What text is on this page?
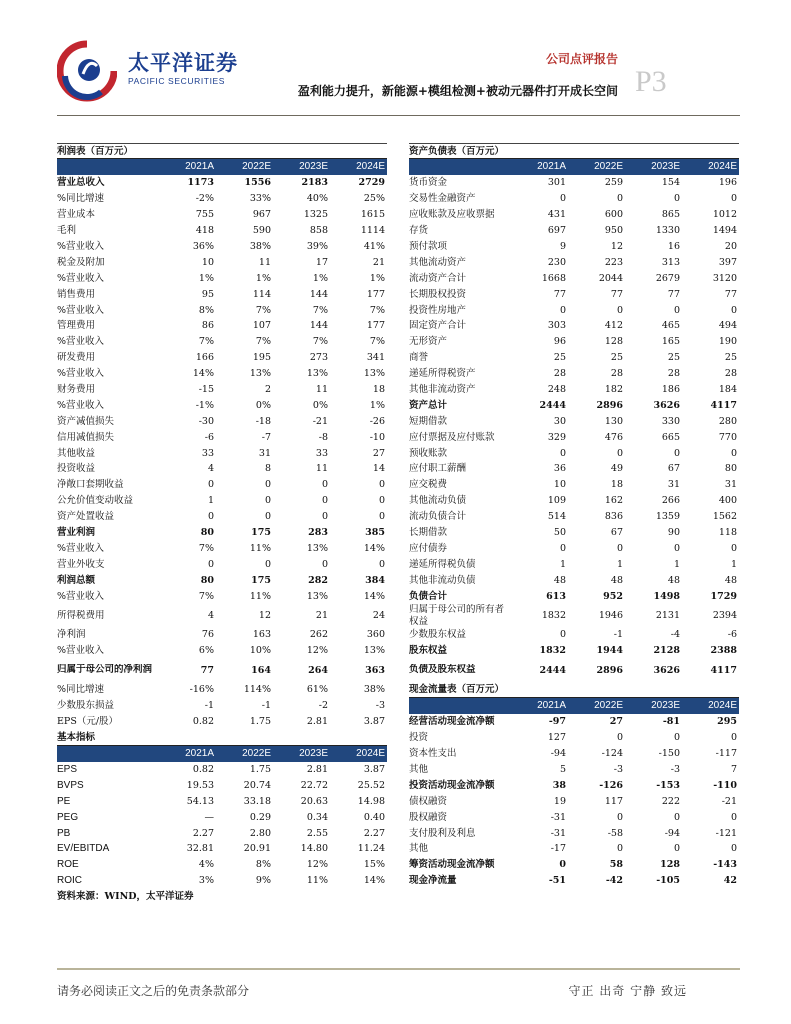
太平洋证券
PACIFIC SECURITIES
公司点评报告
P3
盈利能力提升，新能源+模组检测+被动元器件打开成长空间
利润表（百万元）
2021A	2022E	2023E	2024E
营业总收入	1173	1556	2183	2729
%同比增速	-2%	33%	40%	25%
营业成本	755	967	1325	1615
毛利	418	590	858	1114
%营业收入	36%	38%	39%	41%
税金及附加	10	11	17	21
%营业收入	1%	1%	1%	1%
销售费用	95	114	144	177
%营业收入	8%	7%	7%	7%
管理费用	86	107	144	177
%营业收入	7%	7%	7%	7%
研发费用	166	195	273	341
%营业收入	14%	13%	13%	13%
财务费用	-15	2	11	18
%营业收入	-1%	0%	0%	1%
资产减值损失	-30	-18	-21	-26
信用减值损失	-6	-7	-8	-10
其他收益	33	31	33	27
投资收益	4	8	11	14
净敞口套期收益	0	0	0	0
公允价值变动收益	1	0	0	0
资产处置收益	0	0	0	0
营业利润	80	175	283	385
%营业收入	7%	11%	13%	14%
营业外收支	0	0	0	0
利润总额	80	175	282	384
%营业收入	7%	11%	13%	14%
所得税费用	4	12	21	24
净利润	76	163	262	360
%营业收入	6%	10%	12%	13%
归属于母公司的净利润	77	164	264	363
%同比增速	-16%	114%	61%	38%
少数股东损益	-1	-1	-2	-3
EPS（元/股）	0.82	1.75	2.81	3.87
基本指标
2021A	2022E	2023E	2024E
EPS	0.82	1.75	2.81	3.87
BVPS	19.53	20.74	22.72	25.52
PE	54.13	33.18	20.63	14.98
PEG	—	0.29	0.34	0.40
PB	2.27	2.80	2.55	2.27
EV/EBITDA	32.81	20.91	14.80	11.24
ROE	4%	8%	12%	15%
ROIC	3%	9%	11%	14%
资料来源：WIND，太平洋证券
资产负债表（百万元）
2021A	2022E	2023E	2024E
货币资金	301	259	154	196
交易性金融资产	0	0	0	0
应收账款及应收票据	431	600	865	1012
存货	697	950	1330	1494
预付款项	9	12	16	20
其他流动资产	230	223	313	397
流动资产合计	1668	2044	2679	3120
长期股权投资	77	77	77	77
投资性房地产	0	0	0	0
固定资产合计	303	412	465	494
无形资产	96	128	165	190
商誉	25	25	25	25
递延所得税资产	28	28	28	28
其他非流动资产	248	182	186	184
资产总计	2444	2896	3626	4117
短期借款	30	130	330	280
应付票据及应付账款	329	476	665	770
预收账款	0	0	0	0
应付职工薪酬	36	49	67	80
应交税费	10	18	31	31
其他流动负债	109	162	266	400
流动负债合计	514	836	1359	1562
长期借款	50	67	90	118
应付债券	0	0	0	0
递延所得税负债	1	1	1	1
其他非流动负债	48	48	48	48
负债合计	613	952	1498	1729
归属于母公司的所有者权益	1832	1946	2131	2394
少数股东权益	0	-1	-4	-6
股东权益	1832	1944	2128	2388
负债及股东权益	2444	2896	3626	4117
现金流量表（百万元）
2021A	2022E	2023E	2024E
经营活动现金流净额	-97	27	-81	295
投资	127	0	0	0
资本性支出	-94	-124	-150	-117
其他	5	-3	-3	7
投资活动现金流净额	38	-126	-153	-110
债权融资	19	117	222	-21
股权融资	-31	0	0	0
支付股利及利息	-31	-58	-94	-121
其他	-17	0	0	0
筹资活动现金流净额	0	58	128	-143
现金净流量	-51	-42	-105	42
请务必阅读正文之后的免责条款部分	守正 出奇 宁静 致远
